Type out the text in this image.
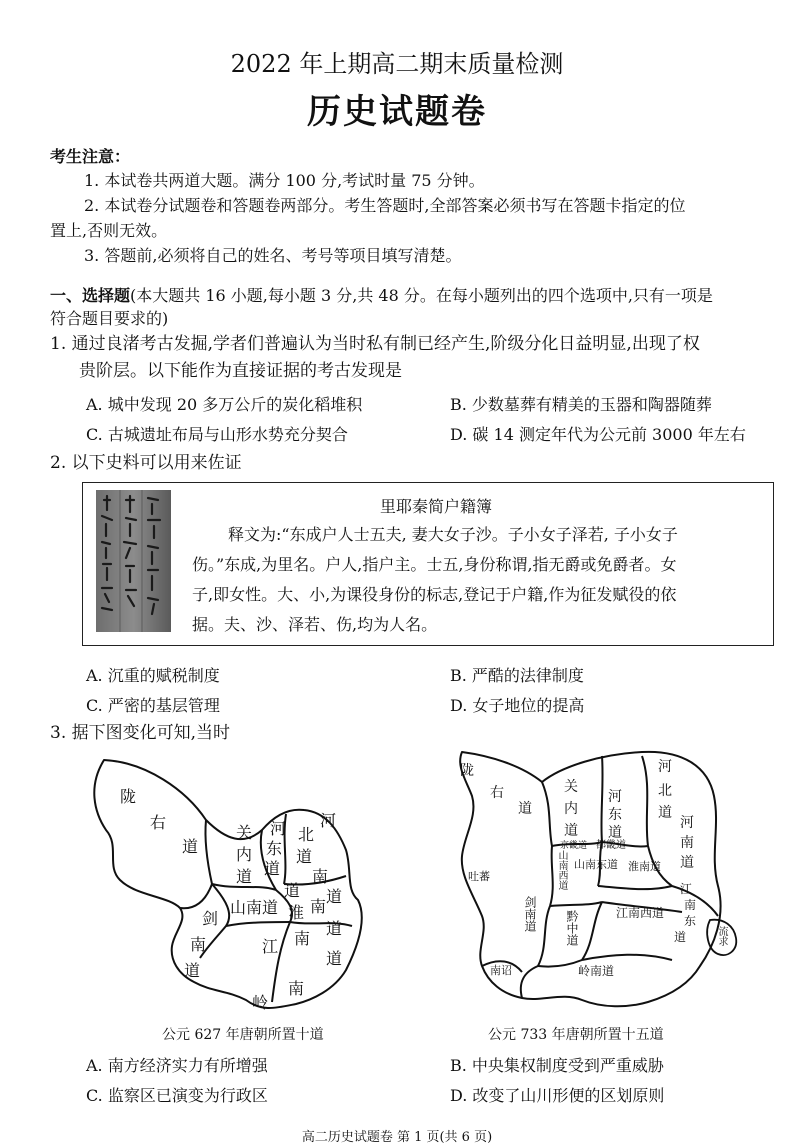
2022 年上期高二期末质量检测
历史试题卷
考生注意：
1. 本试卷共两道大题。满分 100 分,考试时量 75 分钟。
2. 本试卷分试题卷和答题卷两部分。考生答题时,全部答案必须书写在答题卡指定的位
置上,否则无效。
3. 答题前,必须将自己的姓名、考号等项目填写清楚。
一、选择题(本大题共 16 小题,每小题 3 分,共 48 分。在每小题列出的四个选项中,只有一项是
符合题目要求的)
1. 通过良渚考古发掘,学者们普遍认为当时私有制已经产生,阶级分化日益明显,出现了权
贵阶层。以下能作为直接证据的考古发现是
A. 城中发现 20 多万公斤的炭化稻堆积	B. 少数墓葬有精美的玉器和陶器随葬
C. 古城遗址布局与山形水势充分契合	D. 碳 14 测定年代为公元前 3000 年左右
2. 以下史料可以用来佐证
里耶秦简户籍簿
释文为:“东成户人士五夫, 妻大女子沙。子小女子泽若, 子小女子
伤。”东成,为里名。户人,指户主。士五,身份称谓,指无爵或免爵者。女
子,即女性。大、小,为课役身份的标志,登记于户籍,作为征发赋役的依
据。夫、沙、泽若、伤,均为人名。
A. 沉重的赋税制度	B. 严酷的法律制度
C. 严密的基层管理	D. 女子地位的提高
3. 据下图变化可知,当时
陇
右
道
关
内
道
河
东
道
北
道
河
南
道
山南道 淮 南
道
剑
南
道
江 南
道
岭
南
道
公元 627 年唐朝所置十道
陇
右
道
关
内
道
河
东
道
河
北
道
河
南
道
京畿道 都畿道
山南西道 山南东道 淮南道
吐蕃
剑南道 黔中道	江南西道
江
南
东
道	流求
南诏	岭南道
公元 733 年唐朝所置十五道
A. 南方经济实力有所增强	B. 中央集权制度受到严重威胁
C. 监察区已演变为行政区	D. 改变了山川形便的区划原则
高二历史试题卷 第 1 页(共 6 页)
